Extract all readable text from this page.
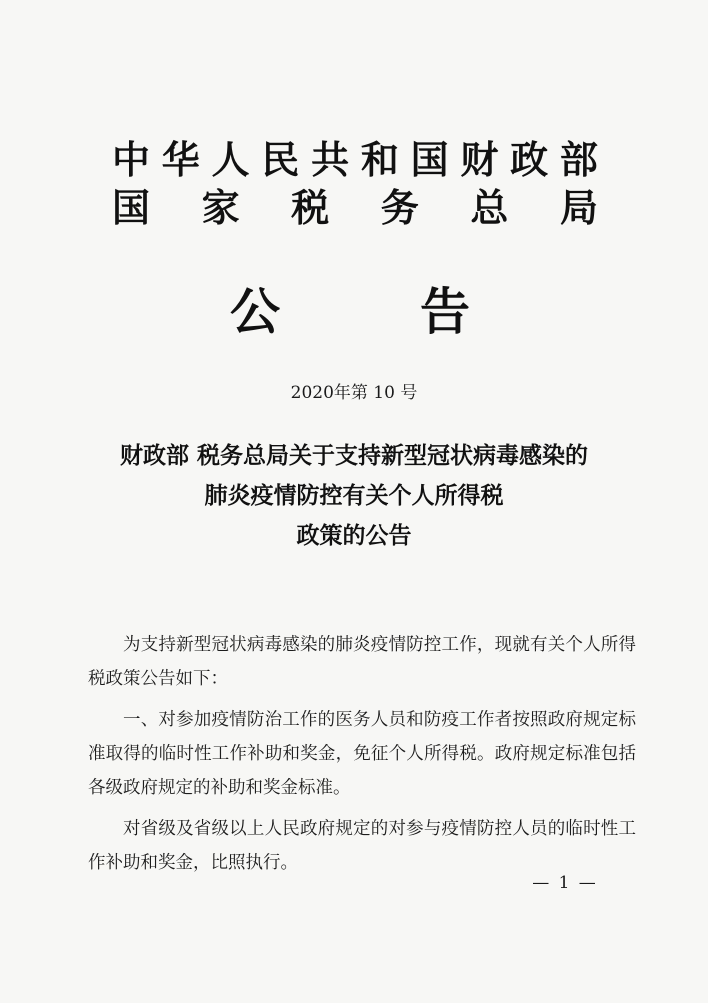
中 华 人 民 共 和 国 财 政 部
国 家 税 务 总 局
公	告
2020年第 10 号
财政部 税务总局关于支持新型冠状病毒感染的
肺炎疫情防控有关个人所得税
政策的公告

为支持新型冠状病毒感染的肺炎疫情防控工作，现就有关个人所得税政策公告如下：

一、对参加疫情防治工作的医务人员和防疫工作者按照政府规定标准取得的临时性工作补助和奖金，免征个人所得税。政府规定标准包括各级政府规定的补助和奖金标准。

对省级及省级以上人民政府规定的对参与疫情防控人员的临时性工作补助和奖金，比照执行。

— 1 —
